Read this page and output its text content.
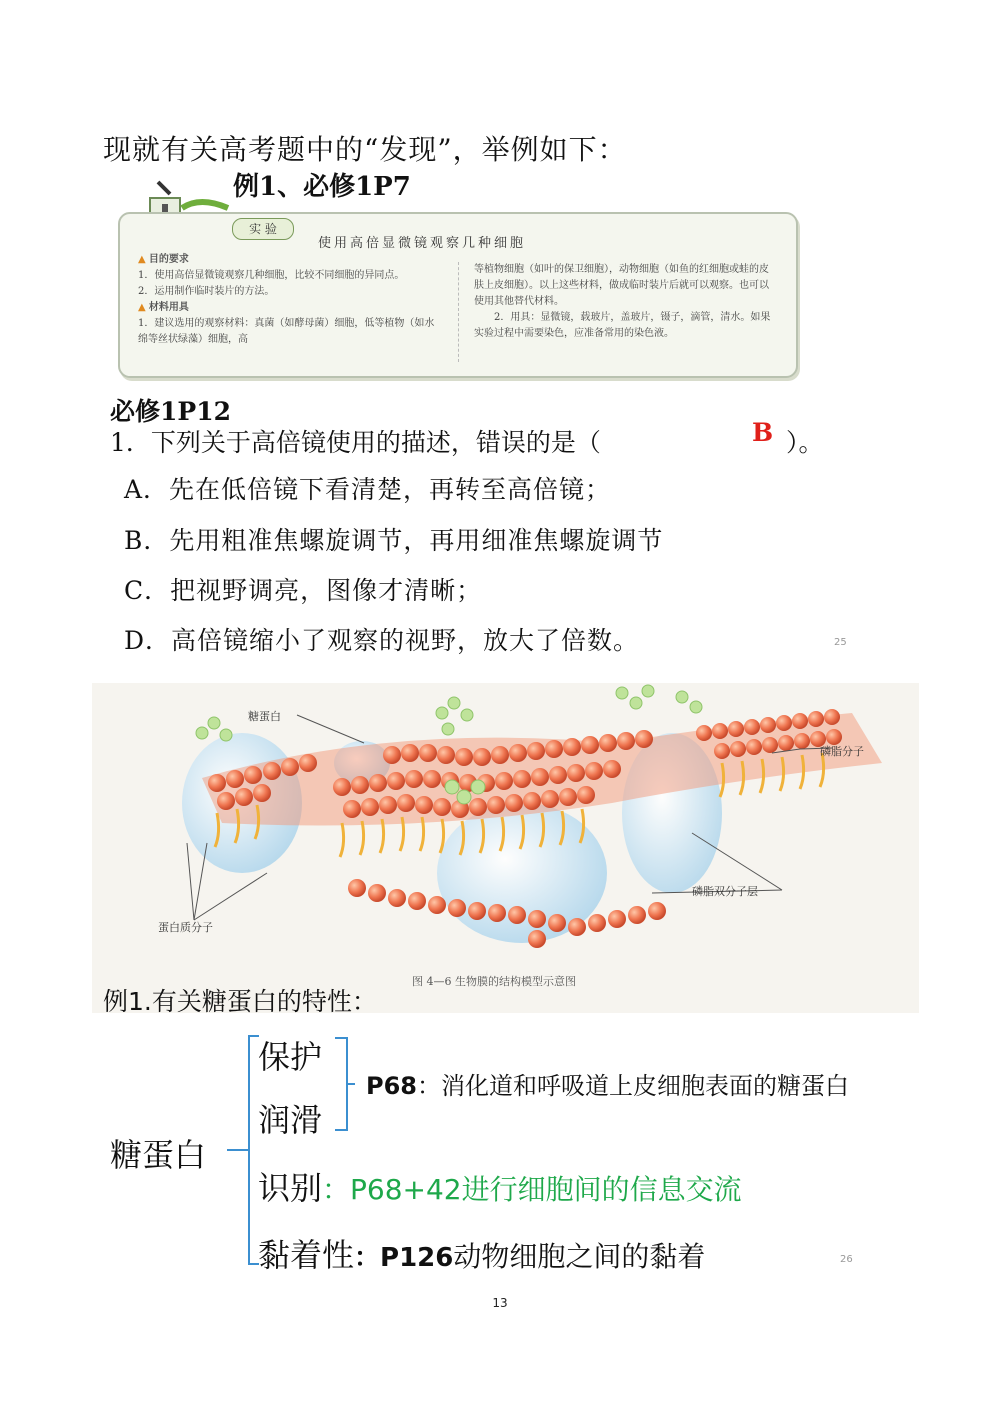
现就有关高考题中的“发现”，举例如下：
例1、必修1P7
实 验
使用高倍显微镜观察几种细胞
▲ 目的要求
1．使用高倍显微镜观察几种细胞，比较不同细胞的异同点。
2．运用制作临时装片的方法。
▲ 材料用具
1．建议选用的观察材料：真菌（如酵母菌）细胞，低等植物（如水绵等丝状绿藻）细胞，高
等植物细胞（如叶的保卫细胞），动物细胞（如鱼的红细胞或蛙的皮肤上皮细胞）。以上这些材料，做成临时装片后就可以观察。也可以使用其他替代材料。
2．用具：显微镜，载玻片，盖玻片，镊子，滴管，清水。如果实验过程中需要染色，应准备常用的染色液。
必修1P12
1．下列关于高倍镜使用的描述，错误的是（	B ）。
A．先在低倍镜下看清楚，再转至高倍镜；
B．先用粗准焦螺旋调节，再用细准焦螺旋调节
C．把视野调亮，图像才清晰；
D．高倍镜缩小了观察的视野，放大了倍数。	25
糖蛋白
磷脂分子
磷脂双分子层
蛋白质分子
图 4—6 生物膜的结构模型示意图
例1.有关糖蛋白的特性：
糖蛋白
保护
润滑
P68：消化道和呼吸道上皮细胞表面的糖蛋白
识别：P68+42进行细胞间的信息交流
黏着性：P126动物细胞之间的黏着	26
13
